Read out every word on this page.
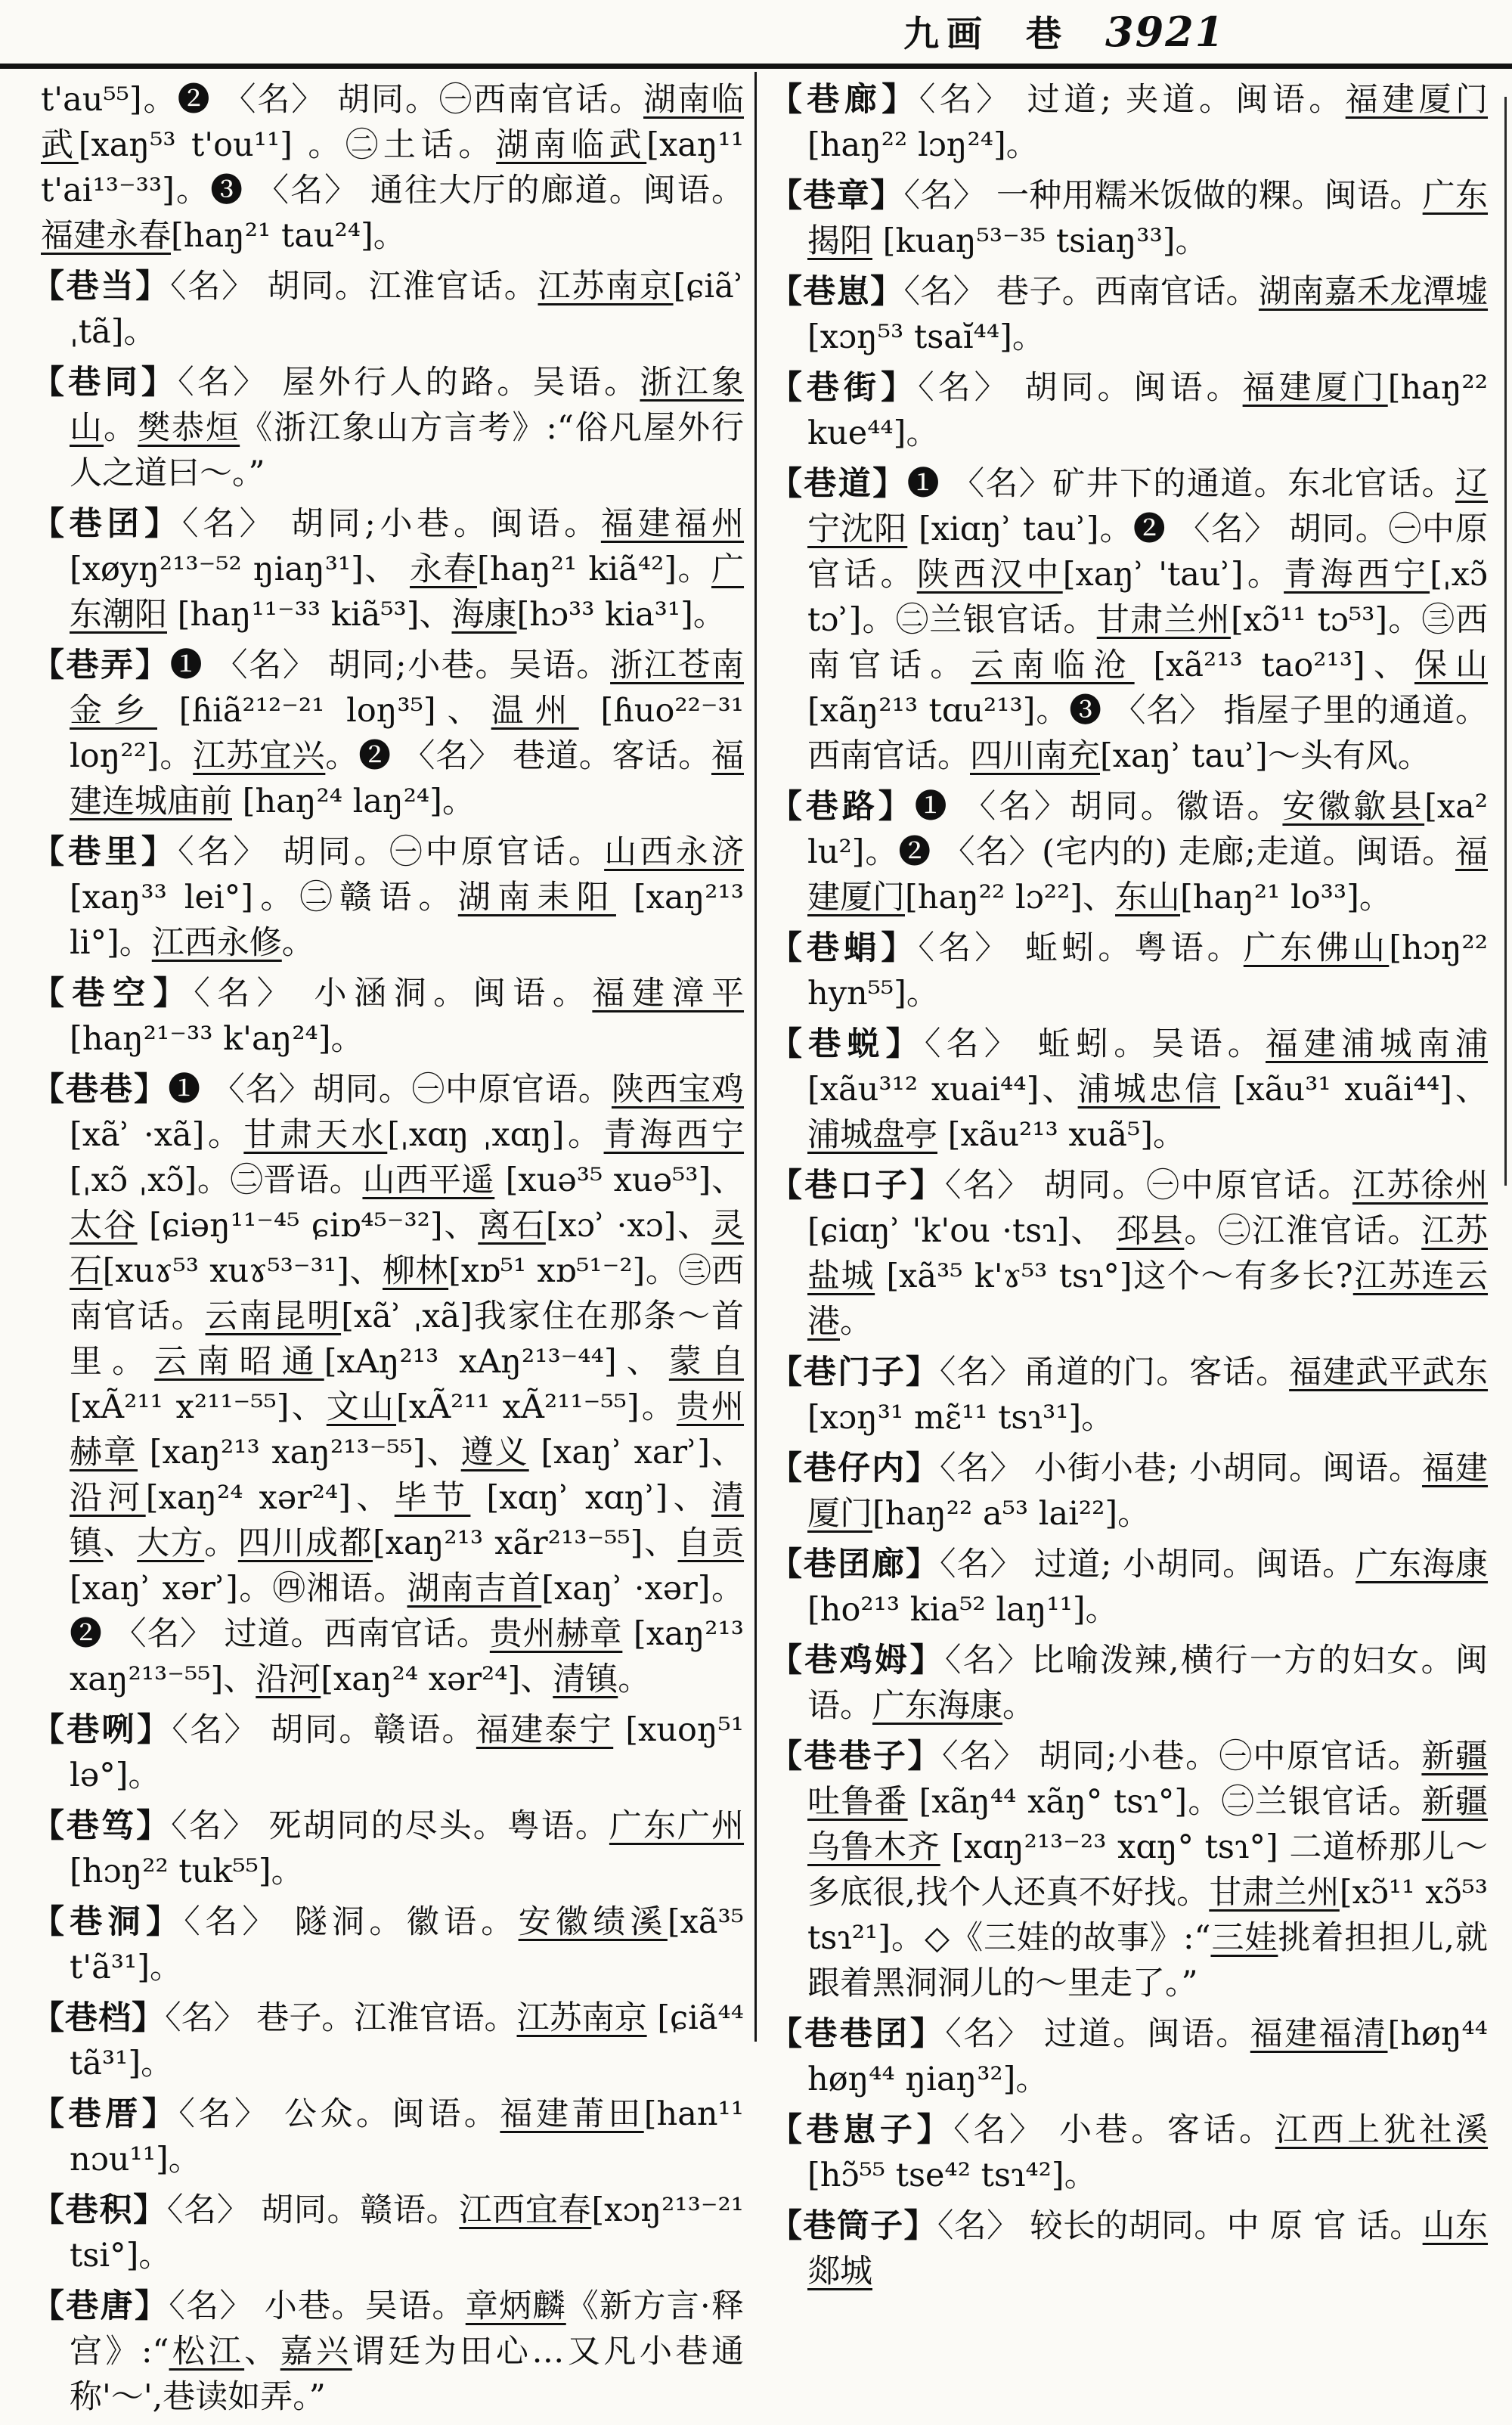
九画 巷 3921

t'au⁵⁵]。❷ 〈名〉 胡同。㊀西南官话。湖南临武[xaŋ⁵³ t'ou¹¹] 。㊁土话。湖南临武[xaŋ¹¹ t'ai¹³⁻³³]。❸ 〈名〉 通往大厅的廊道。闽语。福建永春[haŋ²¹ tau²⁴]。

【巷当】〈名〉 胡同。江淮官话。江苏南京[ɕiãʾ ˌtã]。

【巷同】〈名〉 屋外行人的路。吴语。浙江象山。樊恭烜《浙江象山方言考》:“俗凡屋外行人之道曰～。”

【巷囝】〈名〉 胡同;小巷。闽语。福建福州 [xøyŋ²¹³⁻⁵² ŋiaŋ³¹]、 永春[haŋ²¹ kiã⁴²]。广东潮阳 [haŋ¹¹⁻³³ kiã⁵³]、海康[hɔ³³ kia³¹]。

【巷弄】❶ 〈名〉 胡同;小巷。吴语。浙江苍南金乡 [ɦiã²¹²⁻²¹ loŋ³⁵]、温州 [ɦuo²²⁻³¹ loŋ²²]。江苏宜兴。❷ 〈名〉 巷道。客话。福建连城庙前 [haŋ²⁴ laŋ²⁴]。

【巷里】〈名〉 胡同。㊀中原官话。山西永济 [xaŋ³³ lei°]。㊁赣语。湖南耒阳 [xaŋ²¹³ li°]。江西永修。

【巷空】〈名〉 小涵洞。闽语。福建漳平 [haŋ²¹⁻³³ k'aŋ²⁴]。

【巷巷】❶ 〈名〉胡同。㊀中原官语。陕西宝鸡 [xãʾ ·xã]。甘肃天水[ˌxɑŋ ˌxɑŋ]。青海西宁[ˌxɔ̃ ˌxɔ̃]。㊁晋语。山西平遥 [xuə³⁵ xuə⁵³]、太谷 [ɕiəŋ¹¹⁻⁴⁵ ɕiɒ⁴⁵⁻³²]、离石[xɔʾ ·xɔ]、灵石[xuɤ⁵³ xuɤ⁵³⁻³¹]、柳林[xɒ⁵¹ xɒ⁵¹⁻²]。㊂西南官话。云南昆明[xãʾ ˌxã]我家住在那条～首里。云南昭通[xAŋ²¹³ xAŋ²¹³⁻⁴⁴]、蒙自 [xÃ²¹¹ x²¹¹⁻⁵⁵]、文山[xÃ²¹¹ xÃ²¹¹⁻⁵⁵]。贵州赫章 [xaŋ²¹³ xaŋ²¹³⁻⁵⁵]、遵义 [xaŋʾ xarʾ]、沿河[xaŋ²⁴ xər²⁴]、毕节 [xɑŋʾ xɑŋʾ]、清镇、大方。四川成都[xaŋ²¹³ xãr²¹³⁻⁵⁵]、自贡[xaŋʾ xərʾ]。㊃湘语。湖南吉首[xaŋʾ ·xər]。❷ 〈名〉 过道。西南官话。贵州赫章 [xaŋ²¹³ xaŋ²¹³⁻⁵⁵]、沿河[xaŋ²⁴ xər²⁴]、清镇。

【巷咧】〈名〉 胡同。赣语。福建泰宁 [xuoŋ⁵¹ lə°]。

【巷笃】〈名〉 死胡同的尽头。粤语。广东广州[hɔŋ²² tuk⁵⁵]。

【巷洞】〈名〉 隧洞。徽语。安徽绩溪[xã³⁵ t'ã³¹]。

【巷档】〈名〉 巷子。江淮官语。江苏南京 [ɕiã⁴⁴ tã³¹]。

【巷厝】〈名〉 公众。闽语。福建莆田[han¹¹ nɔu¹¹]。

【巷积】〈名〉 胡同。赣语。江西宜春[xɔŋ²¹³⁻²¹ tsi°]。

【巷唐】〈名〉 小巷。吴语。章炳麟《新方言·释宫》:“松江、嘉兴谓廷为田心…又凡小巷通称'～',巷读如弄。”

【巷廊】〈名〉 过道; 夹道。闽语。福建厦门[haŋ²² lɔŋ²⁴]。

【巷章】〈名〉 一种用糯米饭做的粿。闽语。广东揭阳 [kuaŋ⁵³⁻³⁵ tsiaŋ³³]。

【巷崽】〈名〉 巷子。西南官话。湖南嘉禾龙潭墟[xɔŋ⁵³ tsaĭ⁴⁴]。

【巷街】〈名〉 胡同。闽语。福建厦门[haŋ²² kue⁴⁴]。

【巷道】❶ 〈名〉矿井下的通道。东北官话。辽宁沈阳 [xiɑŋʾ tauʾ]。❷ 〈名〉 胡同。㊀中原官话。陕西汉中[xaŋʾ 'tauʾ]。青海西宁[ˌxɔ̃ tɔʾ]。㊁兰银官话。甘肃兰州[xɔ̃¹¹ tɔ⁵³]。㊂西南官话。云南临沧 [xã²¹³ tao²¹³]、保山[xãŋ²¹³ tɑu²¹³]。❸ 〈名〉 指屋子里的通道。西南官话。四川南充[xaŋʾ tauʾ]～头有风。

【巷路】❶ 〈名〉胡同。徽语。安徽歙县[xa² lu²]。❷ 〈名〉(宅内的) 走廊;走道。闽语。福建厦门[haŋ²² lɔ²²]、东山[haŋ²¹ lo³³]。

【巷蜎】〈名〉 蚯蚓。粤语。广东佛山[hɔŋ²² hyn⁵⁵]。

【巷蜕】〈名〉 蚯蚓。吴语。福建浦城南浦 [xãu³¹² xuai⁴⁴]、浦城忠信 [xãu³¹ xuãi⁴⁴]、浦城盘亭 [xãu²¹³ xuã⁵]。

【巷口子】〈名〉 胡同。㊀中原官话。江苏徐州[ɕiɑŋʾ 'k'ou ·tsɿ]、 邳县。㊁江淮官话。江苏盐城 [xã³⁵ k'ɤ⁵³ tsɿ°]这个～有多长?江苏连云港。

【巷门子】〈名〉甬道的门。客话。福建武平武东[xɔŋ³¹ mɛ̃¹¹ tsɿ³¹]。

【巷仔内】〈名〉 小街小巷; 小胡同。闽语。福建厦门[haŋ²² a⁵³ lai²²]。

【巷囝廊】〈名〉 过道; 小胡同。闽语。广东海康[ho²¹³ kia⁵² laŋ¹¹]。

【巷鸡姆】〈名〉比喻泼辣,横行一方的妇女。闽语。广东海康。

【巷巷子】〈名〉 胡同;小巷。㊀中原官话。新疆吐鲁番 [xãŋ⁴⁴ xãŋ° tsɿ°]。㊁兰银官话。新疆乌鲁木齐 [xɑŋ²¹³⁻²³ xɑŋ° tsɿ°] 二道桥那儿～多底很,找个人还真不好找。甘肃兰州[xɔ̃¹¹ xɔ̃⁵³ tsɿ²¹]。◇《三娃的故事》:“三娃挑着担担儿,就跟着黑洞洞儿的～里走了。”

【巷巷囝】〈名〉 过道。闽语。福建福清[høŋ⁴⁴ høŋ⁴⁴ ŋiaŋ³²]。

【巷崽子】〈名〉 小巷。客话。江西上犹社溪 [hɔ̃⁵⁵ tse⁴² tsɿ⁴²]。

【巷筒子】〈名〉 较长的胡同。中 原 官 话。山东郯城
